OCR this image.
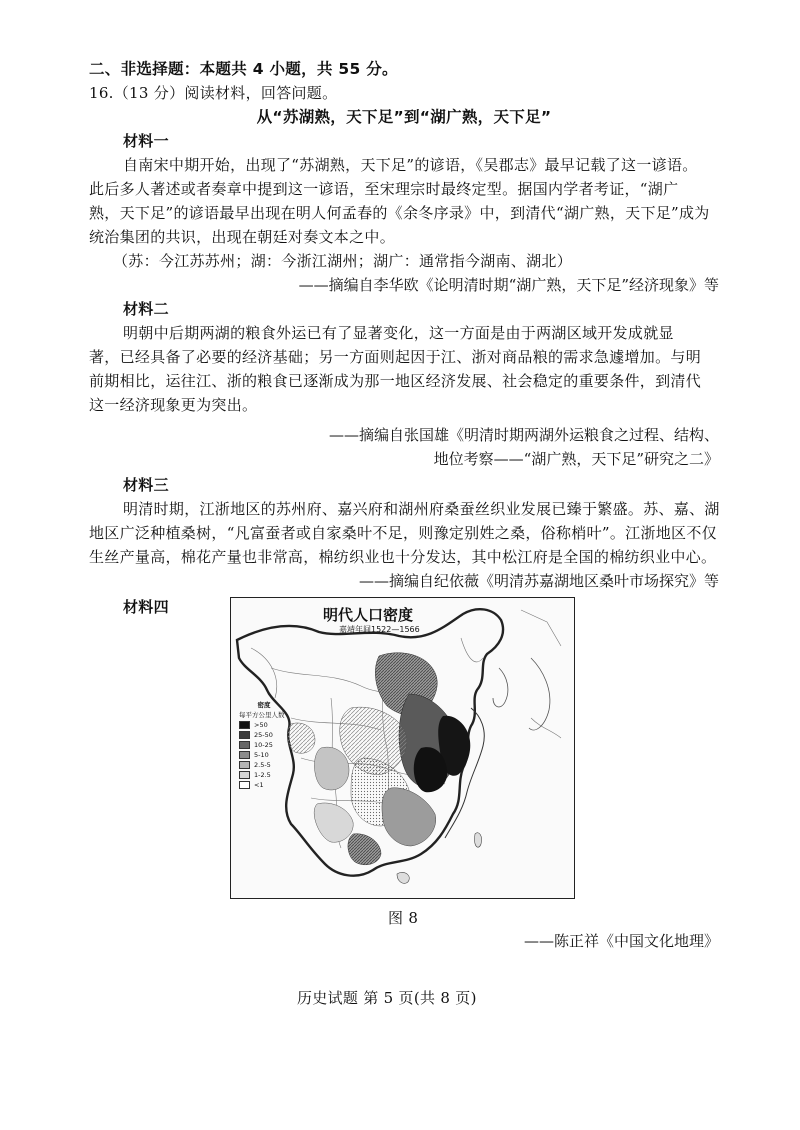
二、非选择题：本题共 4 小题，共 55 分。
16.（13 分）阅读材料，回答问题。
从“苏湖熟，天下足”到“湖广熟，天下足”
材料一
自南宋中期开始，出现了“苏湖熟，天下足”的谚语，《吴郡志》最早记载了这一谚语。
此后多人著述或者奏章中提到这一谚语，至宋理宗时最终定型。据国内学者考证，“湖广
熟，天下足”的谚语最早出现在明人何孟春的《余冬序录》中，到清代“湖广熟，天下足”成为
统治集团的共识，出现在朝廷对奏文本之中。
（苏：今江苏苏州；湖：今浙江湖州；湖广：通常指今湖南、湖北）
——摘编自李华欧《论明清时期“湖广熟，天下足”经济现象》等
材料二
明朝中后期两湖的粮食外运已有了显著变化，这一方面是由于两湖区域开发成就显
著，已经具备了必要的经济基础；另一方面则起因于江、浙对商品粮的需求急遽增加。与明
前期相比，运往江、浙的粮食已逐渐成为那一地区经济发展、社会稳定的重要条件，到清代
这一经济现象更为突出。
——摘编自张国雄《明清时期两湖外运粮食之过程、结构、
地位考察——“湖广熟，天下足”研究之二》
材料三
明清时期，江浙地区的苏州府、嘉兴府和湖州府桑蚕丝织业发展已臻于繁盛。苏、嘉、湖
地区广泛种植桑树，“凡富蚕者或自家桑叶不足，则豫定别姓之桑，俗称梢叶”。江浙地区不仅
生丝产量高，棉花产量也非常高，棉纺织业也十分发达，其中松江府是全国的棉纺织业中心。
——摘编自纪依薇《明清苏嘉湖地区桑叶市场探究》等
材料四	明代人口密度
嘉靖年间1522—1566
密度
每平方公里人数
>50
25-50
10-25
5-10
2.5-5
1-2.5
<1
图 8
——陈正祥《中国文化地理》
历史试题 第 5 页(共 8 页)
